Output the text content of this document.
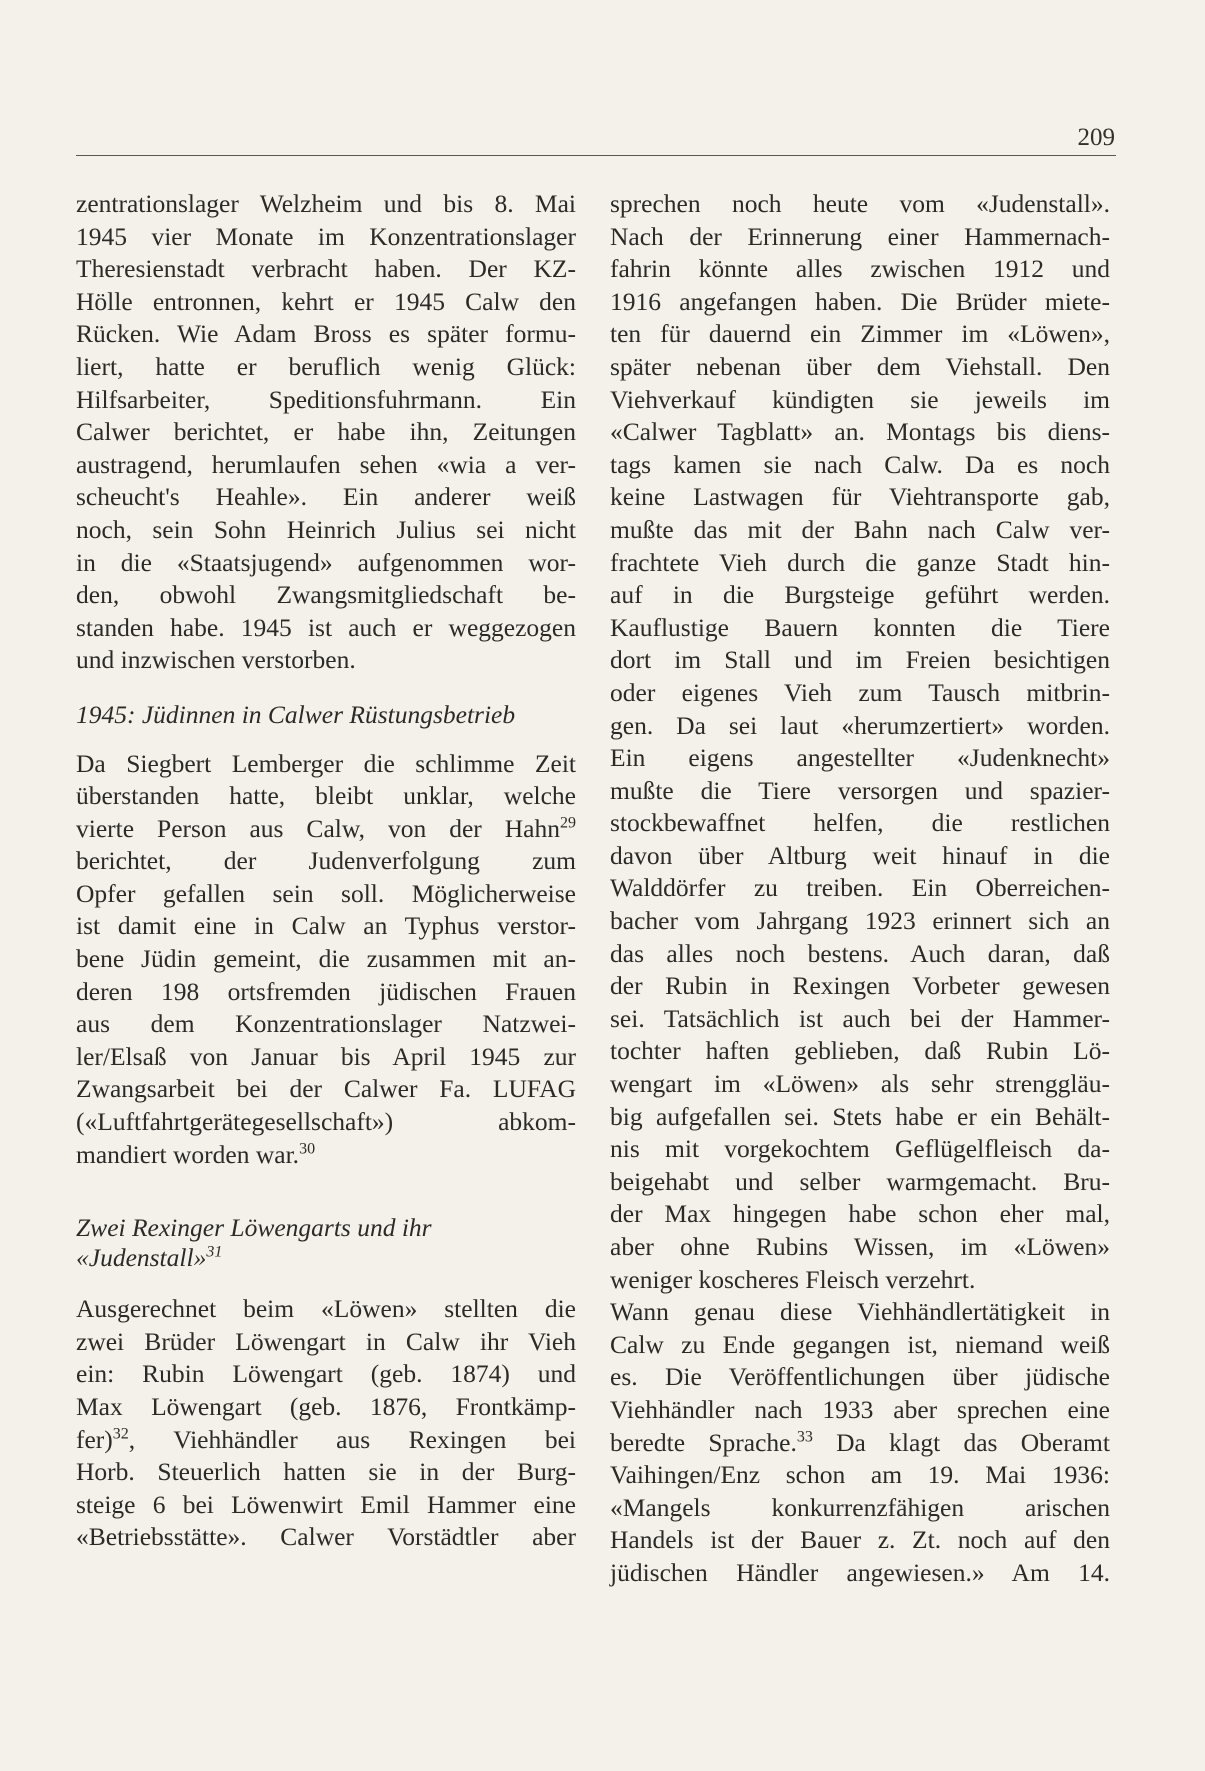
209

zentrationslager Welzheim und bis 8. Mai
1945 vier Monate im Konzentrationslager
Theresienstadt verbracht haben. Der KZ-
Hölle entronnen, kehrt er 1945 Calw den
Rücken. Wie Adam Bross es später formu-
liert, hatte er beruflich wenig Glück:
Hilfsarbeiter, Speditionsfuhrmann. Ein
Calwer berichtet, er habe ihn, Zeitungen
austragend, herumlaufen sehen «wia a ver-
scheucht's Heahle». Ein anderer weiß
noch, sein Sohn Heinrich Julius sei nicht
in die «Staatsjugend» aufgenommen wor-
den, obwohl Zwangsmitgliedschaft be-
standen habe. 1945 ist auch er weggezogen
und inzwischen verstorben.

1945: Jüdinnen in Calwer Rüstungsbetrieb

Da Siegbert Lemberger die schlimme Zeit
überstanden hatte, bleibt unklar, welche
vierte Person aus Calw, von der Hahn$^{29}$
berichtet, der Judenverfolgung zum
Opfer gefallen sein soll. Möglicherweise
ist damit eine in Calw an Typhus verstor-
bene Jüdin gemeint, die zusammen mit an-
deren 198 ortsfremden jüdischen Frauen
aus dem Konzentrationslager Natzwei-
ler/Elsaß von Januar bis April 1945 zur
Zwangsarbeit bei der Calwer Fa. LUFAG
(«Luftfahrtgerätegesellschaft») abkom-
mandiert worden war.$^{30}$

Zwei Rexinger Löwengarts und ihr
«Judenstall»$^{31}$

Ausgerechnet beim «Löwen» stellten die
zwei Brüder Löwengart in Calw ihr Vieh
ein: Rubin Löwengart (geb. 1874) und
Max Löwengart (geb. 1876, Frontkämp-
fer)$^{32}$, Viehhändler aus Rexingen bei
Horb. Steuerlich hatten sie in der Burg-
steige 6 bei Löwenwirt Emil Hammer eine
«Betriebsstätte». Calwer Vorstädtler aber

sprechen noch heute vom «Judenstall».
Nach der Erinnerung einer Hammernach-
fahrin könnte alles zwischen 1912 und
1916 angefangen haben. Die Brüder miete-
ten für dauernd ein Zimmer im «Löwen»,
später nebenan über dem Viehstall. Den
Viehverkauf kündigten sie jeweils im
«Calwer Tagblatt» an. Montags bis diens-
tags kamen sie nach Calw. Da es noch
keine Lastwagen für Viehtransporte gab,
mußte das mit der Bahn nach Calw ver-
frachtete Vieh durch die ganze Stadt hin-
auf in die Burgsteige geführt werden.
Kauflustige Bauern konnten die Tiere
dort im Stall und im Freien besichtigen
oder eigenes Vieh zum Tausch mitbrin-
gen. Da sei laut «herumzertiert» worden.
Ein eigens angestellter «Judenknecht»
mußte die Tiere versorgen und spazier-
stockbewaffnet helfen, die restlichen
davon über Altburg weit hinauf in die
Walddörfer zu treiben. Ein Oberreichen-
bacher vom Jahrgang 1923 erinnert sich an
das alles noch bestens. Auch daran, daß
der Rubin in Rexingen Vorbeter gewesen
sei. Tatsächlich ist auch bei der Hammer-
tochter haften geblieben, daß Rubin Lö-
wengart im «Löwen» als sehr strenggläu-
big aufgefallen sei. Stets habe er ein Behält-
nis mit vorgekochtem Geflügelfleisch da-
beigehabt und selber warmgemacht. Bru-
der Max hingegen habe schon eher mal,
aber ohne Rubins Wissen, im «Löwen»
weniger koscheres Fleisch verzehrt.

Wann genau diese Viehhändlertätigkeit in
Calw zu Ende gegangen ist, niemand weiß
es. Die Veröffentlichungen über jüdische
Viehhändler nach 1933 aber sprechen eine
beredte Sprache.$^{33}$ Da klagt das Oberamt
Vaihingen/Enz schon am 19. Mai 1936:
«Mangels konkurrenzfähigen arischen
Handels ist der Bauer z. Zt. noch auf den
jüdischen Händler angewiesen.» Am 14.
